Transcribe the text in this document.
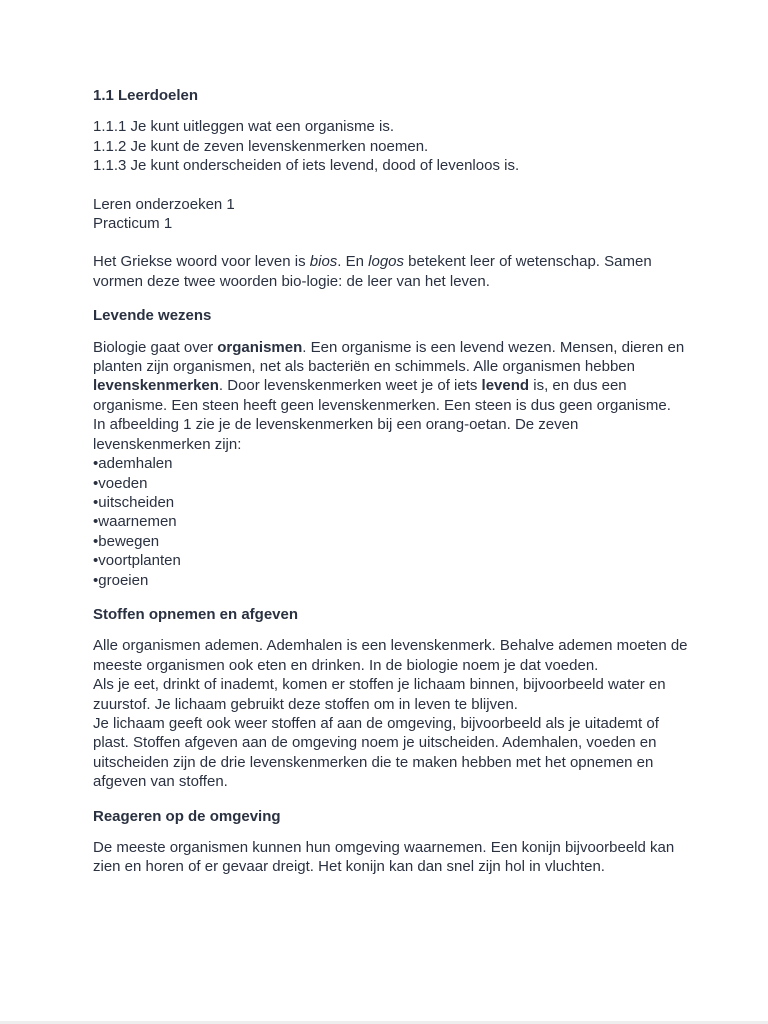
1.1 Leerdoelen

1.1.1 Je kunt uitleggen wat een organisme is.

1.1.2 Je kunt de zeven levenskenmerken noemen.

1.1.3 Je kunt onderscheiden of iets levend, dood of levenloos is.

Leren onderzoeken 1

Practicum 1

Het Griekse woord voor leven is bios. En logos betekent leer of wetenschap. Samen vormen deze twee woorden bio-logie: de leer van het leven.

Levende wezens

Biologie gaat over organismen. Een organisme is een levend wezen. Mensen, dieren en planten zijn organismen, net als bacteriën en schimmels. Alle organismen hebben levenskenmerken. Door levenskenmerken weet je of iets levend is, en dus een organisme. Een steen heeft geen levenskenmerken. Een steen is dus geen organisme.

In afbeelding 1 zie je de levenskenmerken bij een orang-oetan. De zeven levenskenmerken zijn:

• ademhalen
• voeden
• uitscheiden
• waarnemen
• bewegen
• voortplanten
• groeien
Stoffen opnemen en afgeven

Alle organismen ademen. Ademhalen is een levenskenmerk. Behalve ademen moeten de meeste organismen ook eten en drinken. In de biologie noem je dat voeden.

Als je eet, drinkt of inademt, komen er stoffen je lichaam binnen, bijvoorbeeld water en zuurstof. Je lichaam gebruikt deze stoffen om in leven te blijven.

Je lichaam geeft ook weer stoffen af aan de omgeving, bijvoorbeeld als je uitademt of plast. Stoffen afgeven aan de omgeving noem je uitscheiden. Ademhalen, voeden en uitscheiden zijn de drie levenskenmerken die te maken hebben met het opnemen en afgeven van stoffen.

Reageren op de omgeving

De meeste organismen kunnen hun omgeving waarnemen. Een konijn bijvoorbeeld kan zien en horen of er gevaar dreigt. Het konijn kan dan snel zijn hol in vluchten.
